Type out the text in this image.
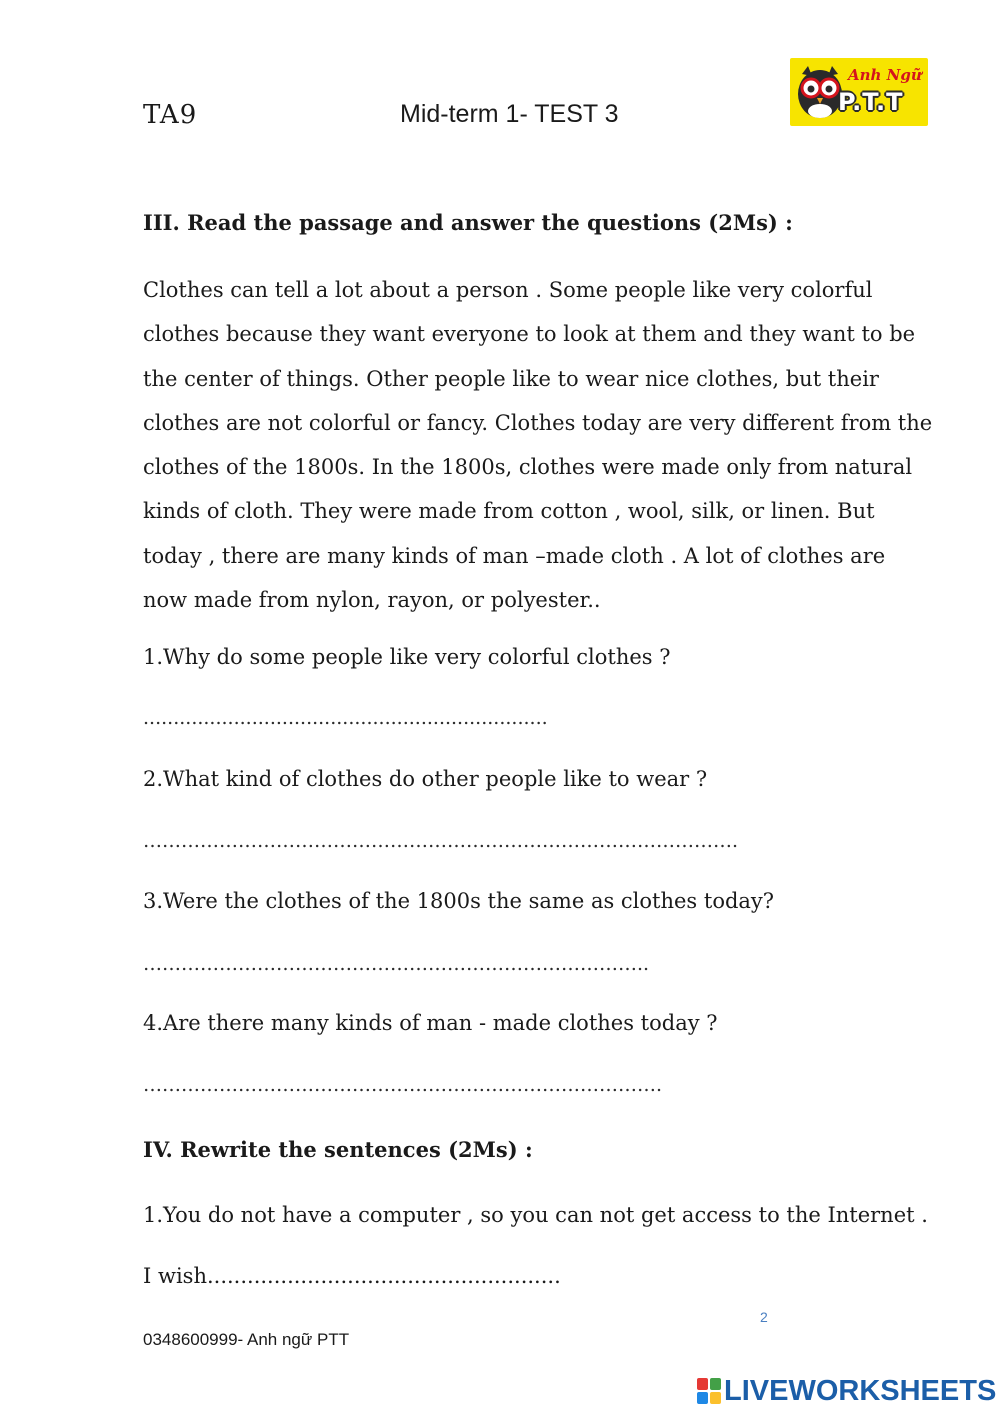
TA9	Mid-term 1- TEST 3
Anh Ngữ
P.T.T
III. Read the passage and answer the questions (2Ms) :
Clothes can tell a lot about a person . Some people like very colorful
clothes because they want everyone to look at them and they want to be
the center of things. Other people like to wear nice clothes, but their
clothes are not colorful or fancy. Clothes today are very different from the
clothes of the 1800s. In the 1800s, clothes were made only from natural
kinds of cloth. They were made from cotton , wool, silk, or linen. But
today , there are many kinds of man –made cloth . A lot of clothes are
now made from nylon, rayon, or polyester..
1.Why do some people like very colorful clothes ?
...................................................................
2.What kind of clothes do other people like to wear ?
………………………………………………………………………………….
3.Were the clothes of the 1800s the same as clothes today?
……………………………………………………………………..
4.Are there many kinds of man - made clothes today ?
……………………………………………………………………….
IV. Rewrite the sentences (2Ms) :
1.You do not have a computer , so you can not get access to the Internet .
I wish.....................................................
2
0348600999- Anh ngữ PTT
LIVEWORKSHEETS
